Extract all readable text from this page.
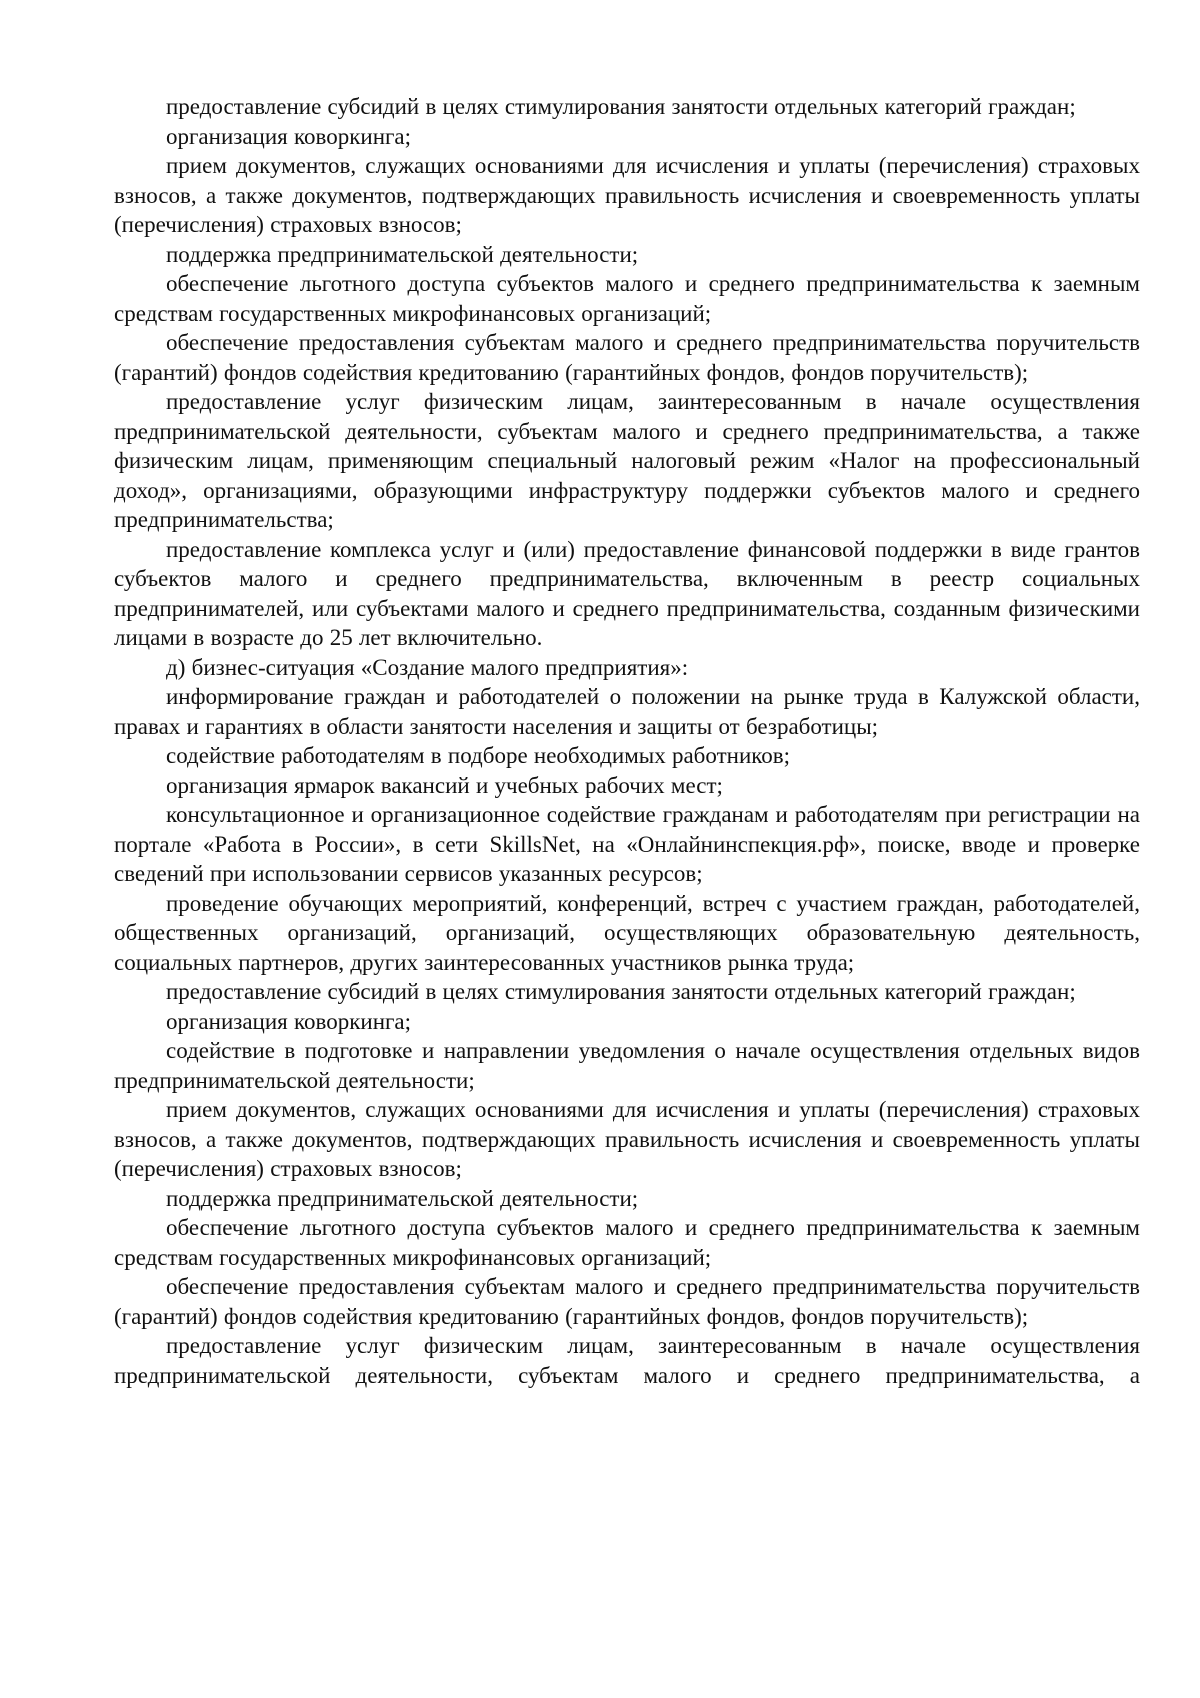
предоставление субсидий в целях стимулирования занятости отдельных категорий граждан;

организация коворкинга;

прием документов, служащих основаниями для исчисления и уплаты (перечисления) страховых взносов, а также документов, подтверждающих правильность исчисления и своевременность уплаты (перечисления) страховых взносов;

поддержка предпринимательской деятельности;

обеспечение льготного доступа субъектов малого и среднего предпринимательства к заемным средствам государственных микрофинансовых организаций;

обеспечение предоставления субъектам малого и среднего предпринимательства поручительств (гарантий) фондов содействия кредитованию (гарантийных фондов, фондов поручительств);

предоставление услуг физическим лицам, заинтересованным в начале осуществления предпринимательской деятельности, субъектам малого и среднего предпринимательства, а также физическим лицам, применяющим специальный налоговый режим «Налог на профессиональный доход», организациями, образующими инфраструктуру поддержки субъектов малого и среднего предпринимательства;

предоставление комплекса услуг и (или) предоставление финансовой поддержки в виде грантов субъектов малого и среднего предпринимательства, включенным в реестр социальных предпринимателей, или субъектами малого и среднего предпринимательства, созданным физическими лицами в возрасте до 25 лет включительно.

д) бизнес-ситуация «Создание малого предприятия»:

информирование граждан и работодателей о положении на рынке труда в Калужской области, правах и гарантиях в области занятости населения и защиты от безработицы;

содействие работодателям в подборе необходимых работников;

организация ярмарок вакансий и учебных рабочих мест;

консультационное и организационное содействие гражданам и работодателям при регистрации на портале «Работа в России», в сети SkillsNet, на «Онлайнинспекция.рф», поиске, вводе и проверке сведений при использовании сервисов указанных ресурсов;

проведение обучающих мероприятий, конференций, встреч с участием граждан, работодателей, общественных организаций, организаций, осуществляющих образовательную деятельность, социальных партнеров, других заинтересованных участников рынка труда;

предоставление субсидий в целях стимулирования занятости отдельных категорий граждан;

организация коворкинга;

содействие в подготовке и направлении уведомления о начале осуществления отдельных видов предпринимательской деятельности;

прием документов, служащих основаниями для исчисления и уплаты (перечисления) страховых взносов, а также документов, подтверждающих правильность исчисления и своевременность уплаты (перечисления) страховых взносов;

поддержка предпринимательской деятельности;

обеспечение льготного доступа субъектов малого и среднего предпринимательства к заемным средствам государственных микрофинансовых организаций;

обеспечение предоставления субъектам малого и среднего предпринимательства поручительств (гарантий) фондов содействия кредитованию (гарантийных фондов, фондов поручительств);

предоставление услуг физическим лицам, заинтересованным в начале осуществления предпринимательской деятельности, субъектам малого и среднего предпринимательства, а
